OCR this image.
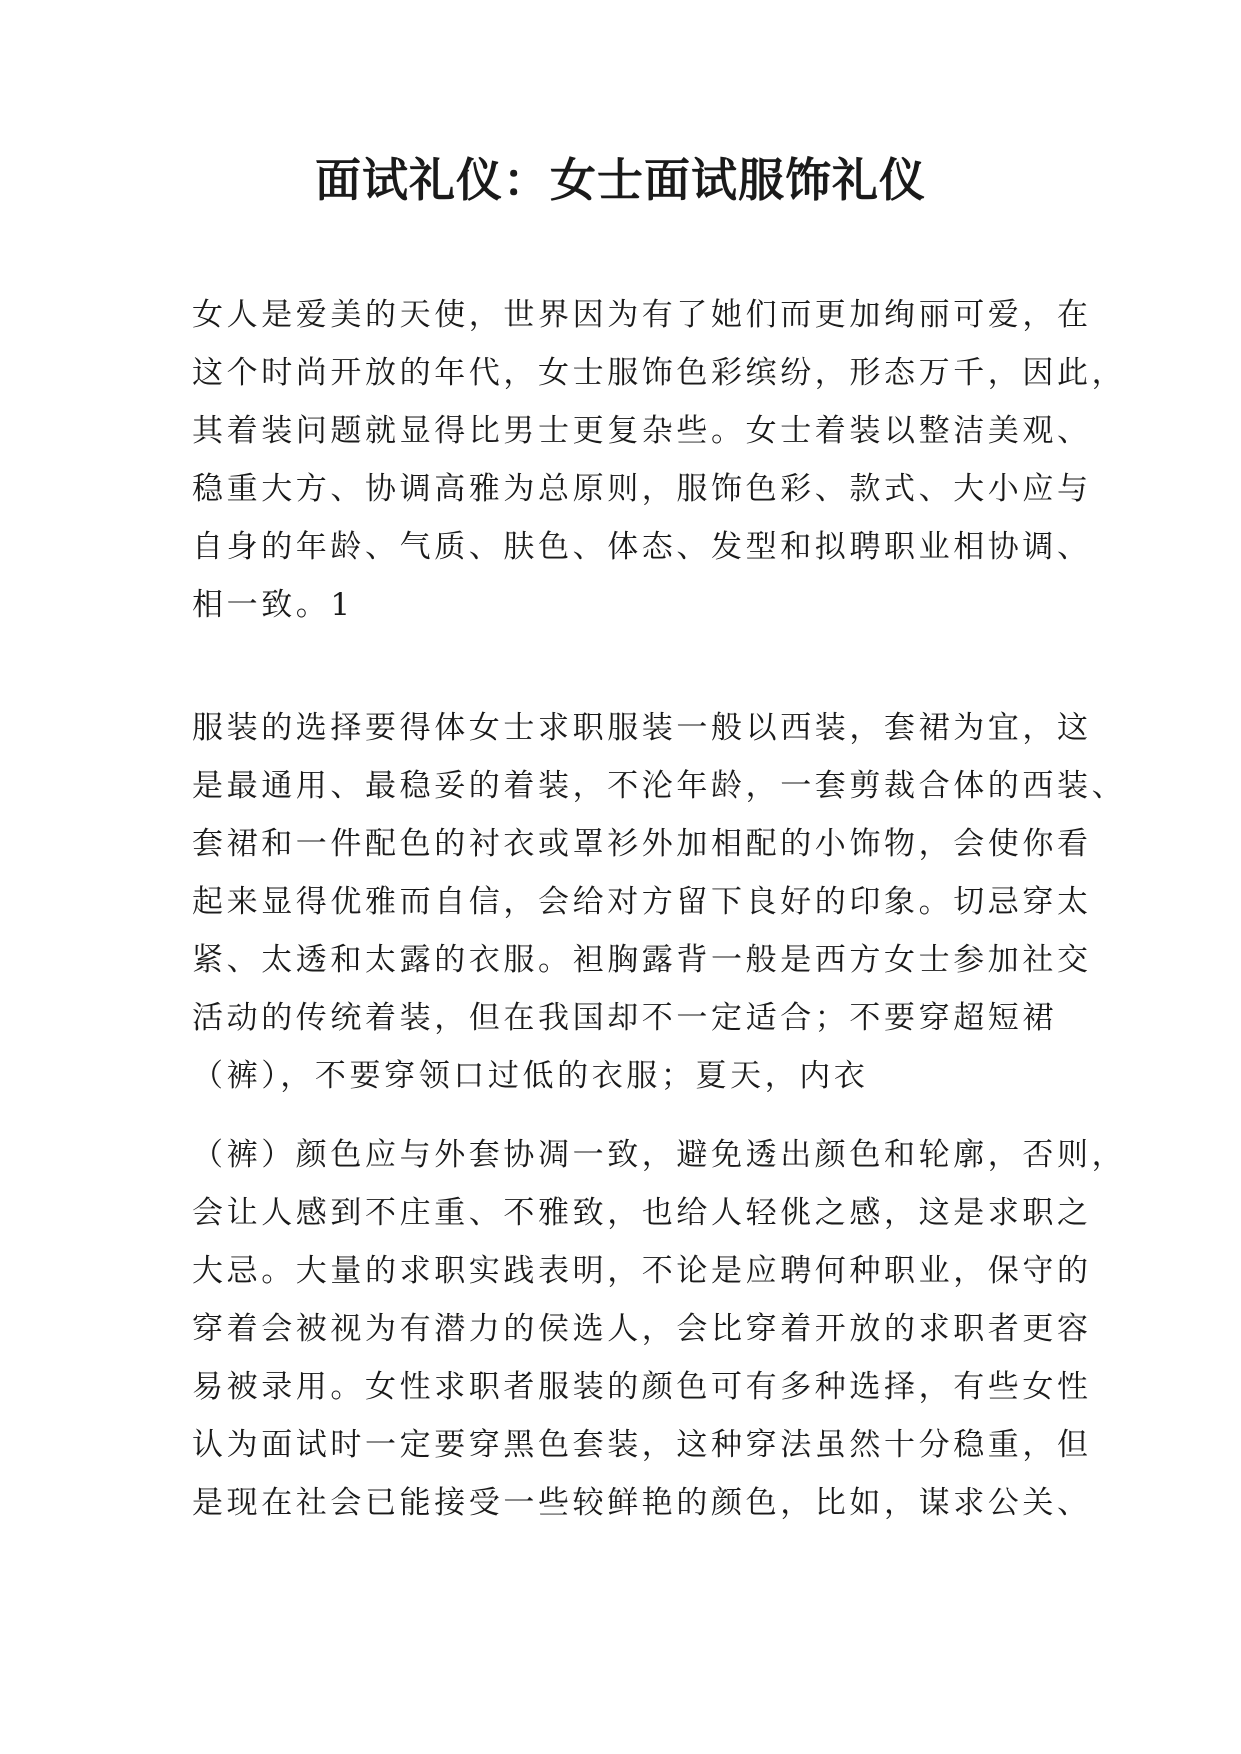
面试礼仪：女士面试服饰礼仪
女人是爱美的天使，世界因为有了她们而更加绚丽可爱，在
这个时尚开放的年代，女士服饰色彩缤纷，形态万千，因此，
其着装问题就显得比男士更复杂些。女士着装以整洁美观、
稳重大方、协调高雅为总原则，服饰色彩、款式、大小应与
自身的年龄、气质、肤色、体态、发型和拟聘职业相协调、
相一致。1
服装的选择要得体女士求职服装一般以西装，套裙为宜，这
是最通用、最稳妥的着装，不沦年龄，一套剪裁合体的西装、
套裙和一件配色的衬衣或罩衫外加相配的小饰物，会使你看
起来显得优雅而自信，会给对方留下良好的印象。切忌穿太
紧、太透和太露的衣服。袒胸露背一般是西方女士参加社交
活动的传统着装，但在我国却不一定适合；不要穿超短裙
（裤），不要穿领口过低的衣服；夏天，内衣
（裤）颜色应与外套协凋一致，避免透出颜色和轮廓，否则，
会让人感到不庄重、不雅致，也给人轻佻之感，这是求职之
大忌。大量的求职实践表明，不论是应聘何种职业，保守的
穿着会被视为有潜力的侯选人，会比穿着开放的求职者更容
易被录用。女性求职者服装的颜色可有多种选择，有些女性
认为面试时一定要穿黑色套装，这种穿法虽然十分稳重，但
是现在社会已能接受一些较鲜艳的颜色，比如，谋求公关、
